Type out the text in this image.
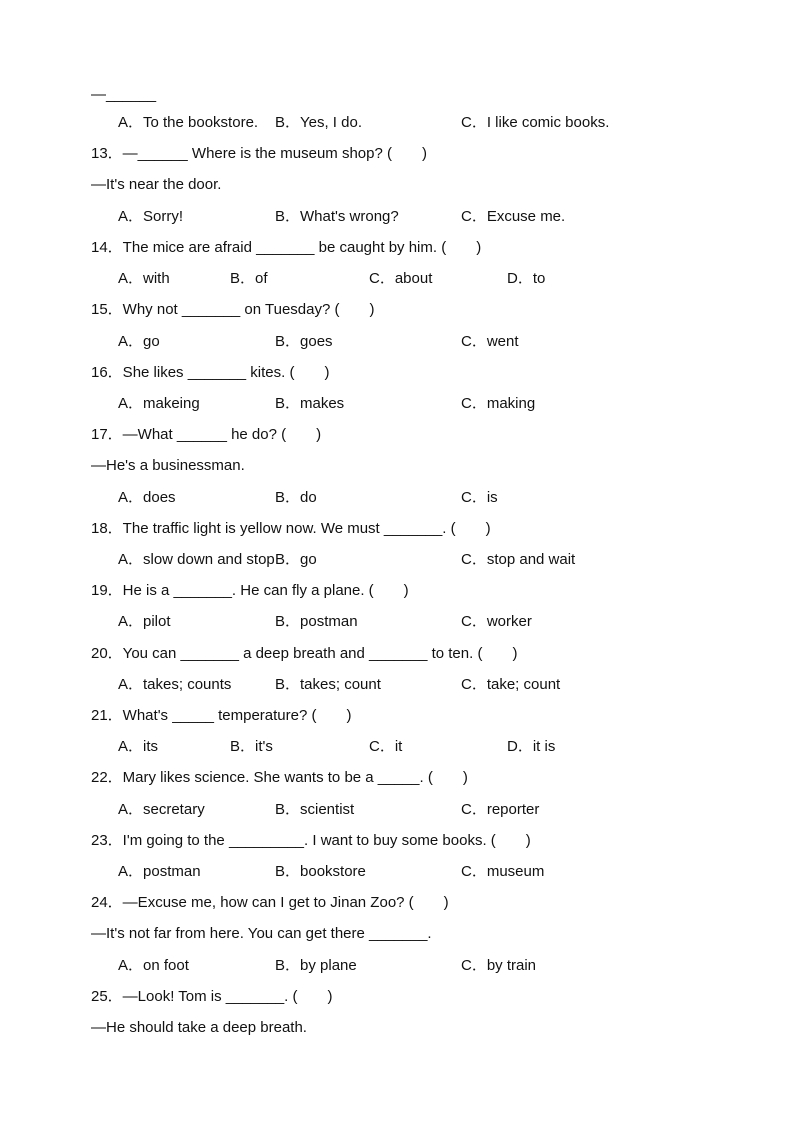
—______
A．To the bookstore. B．Yes, I do.	C．I like comic books.
13．—______ Where is the museum shop? (　　)
—It's near the door.
A．Sorry!	B．What's wrong?	C．Excuse me.
14．The mice are afraid _______ be caught by him. (　　)
A．with	B．of	C．about	D．to
15．Why not _______ on Tuesday? (　　)
A．go	B．goes	C．went
16．She likes _______ kites. (　　)
A．makeing	B．makes	C．making
17．—What ______ he do? (　　)
—He's a businessman.
A．does	B．do	C．is
18．The traffic light is yellow now. We must _______. (　　)
A．slow down and stop B．go	C．stop and wait
19．He is a _______. He can fly a plane. (　　)
A．pilot	B．postman	C．worker
20．You can _______ a deep breath and _______ to ten. (　　)
A．takes; counts	B．takes; count	C．take; count
21．What's _____ temperature? (　　)
A．its	B．it's	C．it	D．it is
22．Mary likes science. She wants to be a _____. (　　)
A．secretary	B．scientist	C．reporter
23．I'm going to the _________. I want to buy some books. (　　)
A．postman	B．bookstore	C．museum
24．—Excuse me, how can I get to Jinan Zoo? (　　)
—It's not far from here. You can get there _______.
A．on foot	B．by plane	C．by train
25．—Look! Tom is _______. (　　)
—He should take a deep breath.
